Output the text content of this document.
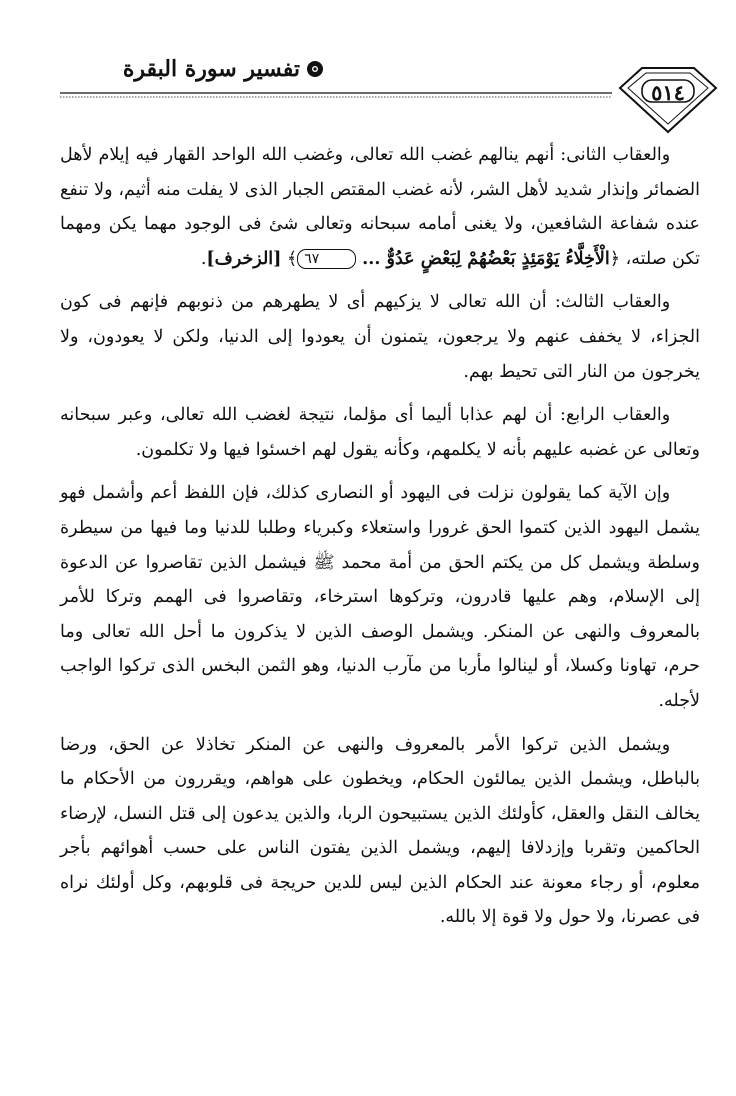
تفسير سورة البقرة
٥١٤

والعقاب الثانى: أنهم ينالهم غضب الله تعالى، وغضب الله الواحد القهار فيه إيلام لأهل الضمائر وإنذار شديد لأهل الشر، لأنه غضب المقتص الجبار الذى لا يفلت منه أثيم، ولا تنفع عنده شفاعة الشافعين، ولا يغنى أمامه سبحانه وتعالى شئ فى الوجود مهما يكن ومهما تكن صلته، ﴿الْأَخِلَّاءُ يَوْمَئِذٍ بَعْضُهُمْ لِبَعْضٍ عَدُوٌّ ... ٦٧﴾ [الزخرف].

والعقاب الثالث: أن الله تعالى لا يزكيهم أى لا يطهرهم من ذنوبهم فإنهم فى كون الجزاء، لا يخفف عنهم ولا يرجعون، يتمنون أن يعودوا إلى الدنيا، ولكن لا يعودون، ولا يخرجون من النار التى تحيط بهم.

والعقاب الرابع: أن لهم عذابا أليما أى مؤلما، نتيجة لغضب الله تعالى، وعبر سبحانه وتعالى عن غضبه عليهم بأنه لا يكلمهم، وكأنه يقول لهم اخسئوا فيها ولا تكلمون.

وإن الآية كما يقولون نزلت فى اليهود أو النصارى كذلك، فإن اللفظ أعم وأشمل فهو يشمل اليهود الذين كتموا الحق غرورا واستعلاء وكبرياء وطلبا للدنيا وما فيها من سيطرة وسلطة ويشمل كل من يكتم الحق من أمة محمد ﷺ فيشمل الذين تقاصروا عن الدعوة إلى الإسلام، وهم عليها قادرون، وتركوها استرخاء، وتقاصروا فى الهمم وتركا للأمر بالمعروف والنهى عن المنكر. ويشمل الوصف الذين لا يذكرون ما أحل الله تعالى وما حرم، تهاونا وكسلا، أو لينالوا مأربا من مآرب الدنيا، وهو الثمن البخس الذى تركوا الواجب لأجله.

ويشمل الذين تركوا الأمر بالمعروف والنهى عن المنكر تخاذلا عن الحق، ورضا بالباطل، ويشمل الذين يمالئون الحكام، ويخطون على هواهم، ويقررون من الأحكام ما يخالف النقل والعقل، كأولئك الذين يستبيحون الربا، والذين يدعون إلى قتل النسل، لإرضاء الحاكمين وتقربا وإزدلافا إليهم، ويشمل الذين يفتون الناس على حسب أهوائهم بأجر معلوم، أو رجاء معونة عند الحكام الذين ليس للدين حريجة فى قلوبهم، وكل أولئك نراه فى عصرنا، ولا حول ولا قوة إلا بالله.
